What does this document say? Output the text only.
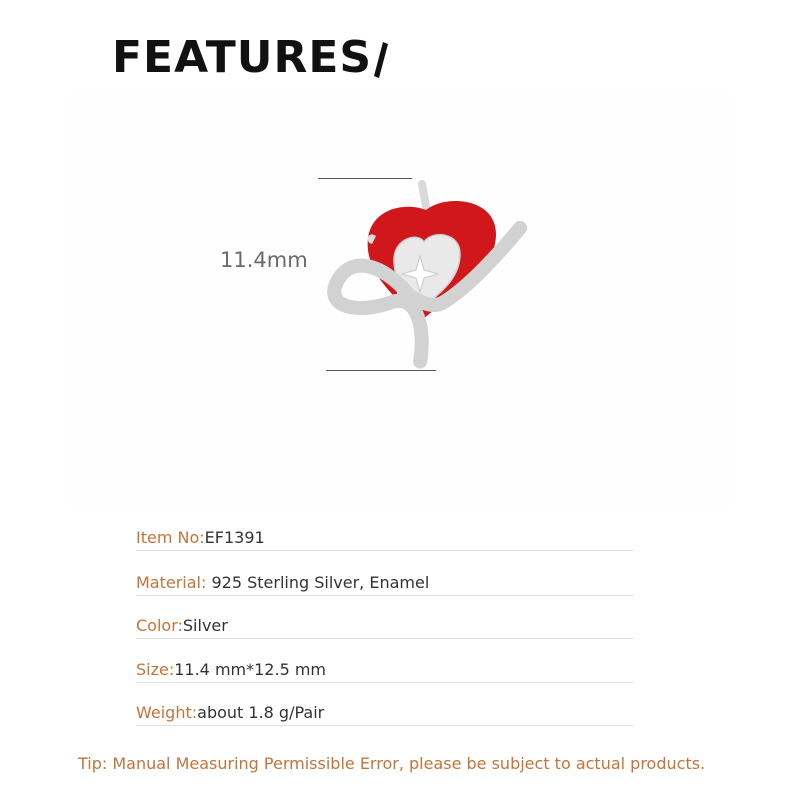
FEATURES
11.4mm
Item No:EF1391
Material: 925 Sterling Silver, Enamel
Color:Silver
Size:11.4 mm*12.5 mm
Weight:about 1.8 g/Pair
Tip: Manual Measuring Permissible Error, please be subject to actual products.
